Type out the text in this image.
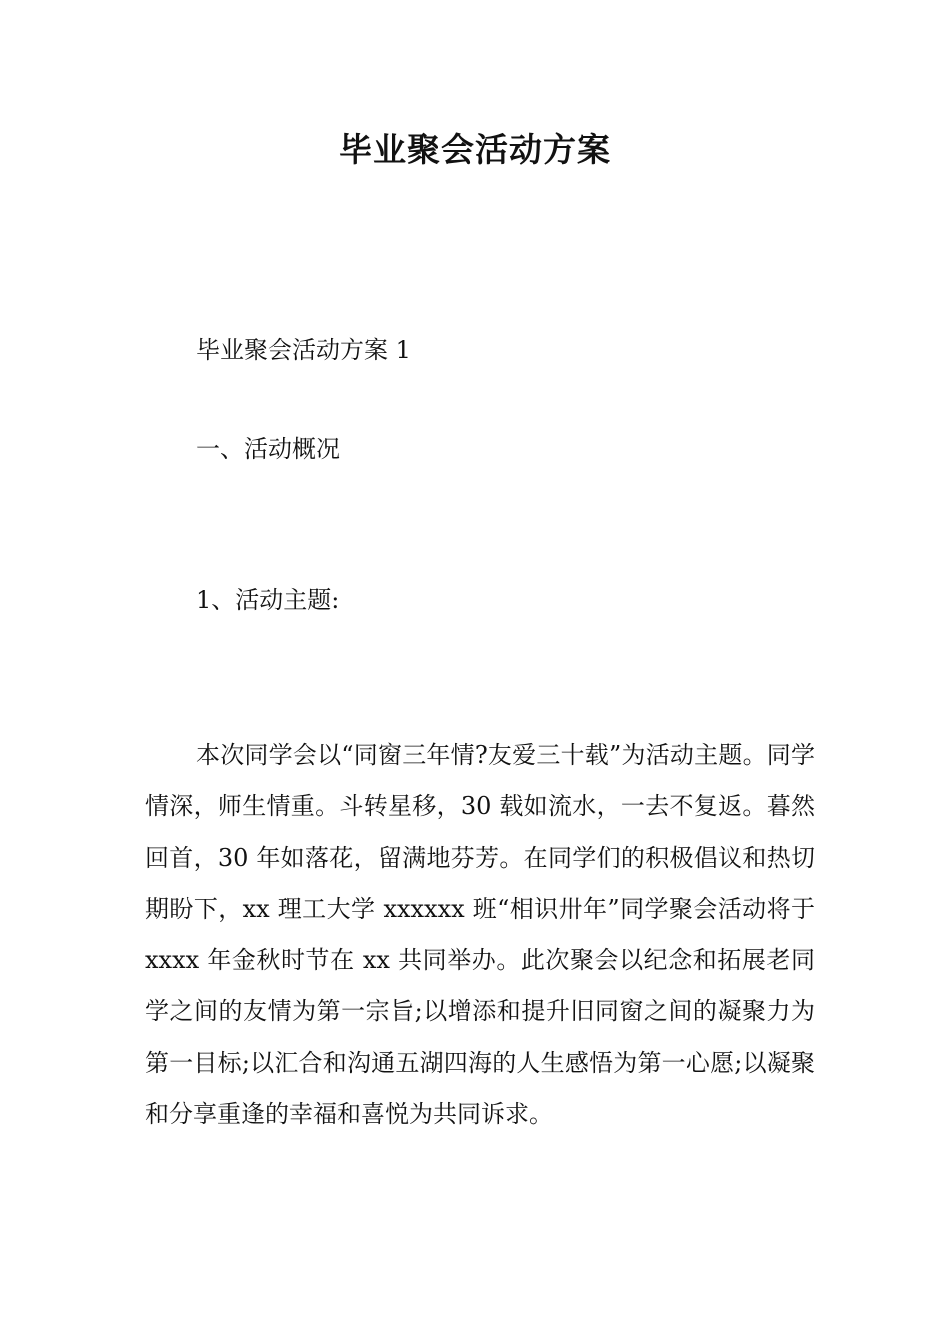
毕业聚会活动方案

毕业聚会活动方案 1

一、活动概况

1、活动主题:

本次同学会以“同窗三年情?友爱三十载”为活动主题。同学情深，师生情重。斗转星移，30 载如流水，一去不复返。暮然回首，30 年如落花，留满地芬芳。在同学们的积极倡议和热切期盼下，xx 理工大学 xxxxxx 班“相识卅年”同学聚会活动将于 xxxx 年金秋时节在 xx 共同举办。此次聚会以纪念和拓展老同学之间的友情为第一宗旨;以增添和提升旧同窗之间的凝聚力为第一目标;以汇合和沟通五湖四海的人生感悟为第一心愿;以凝聚和分享重逢的幸福和喜悦为共同诉求。
